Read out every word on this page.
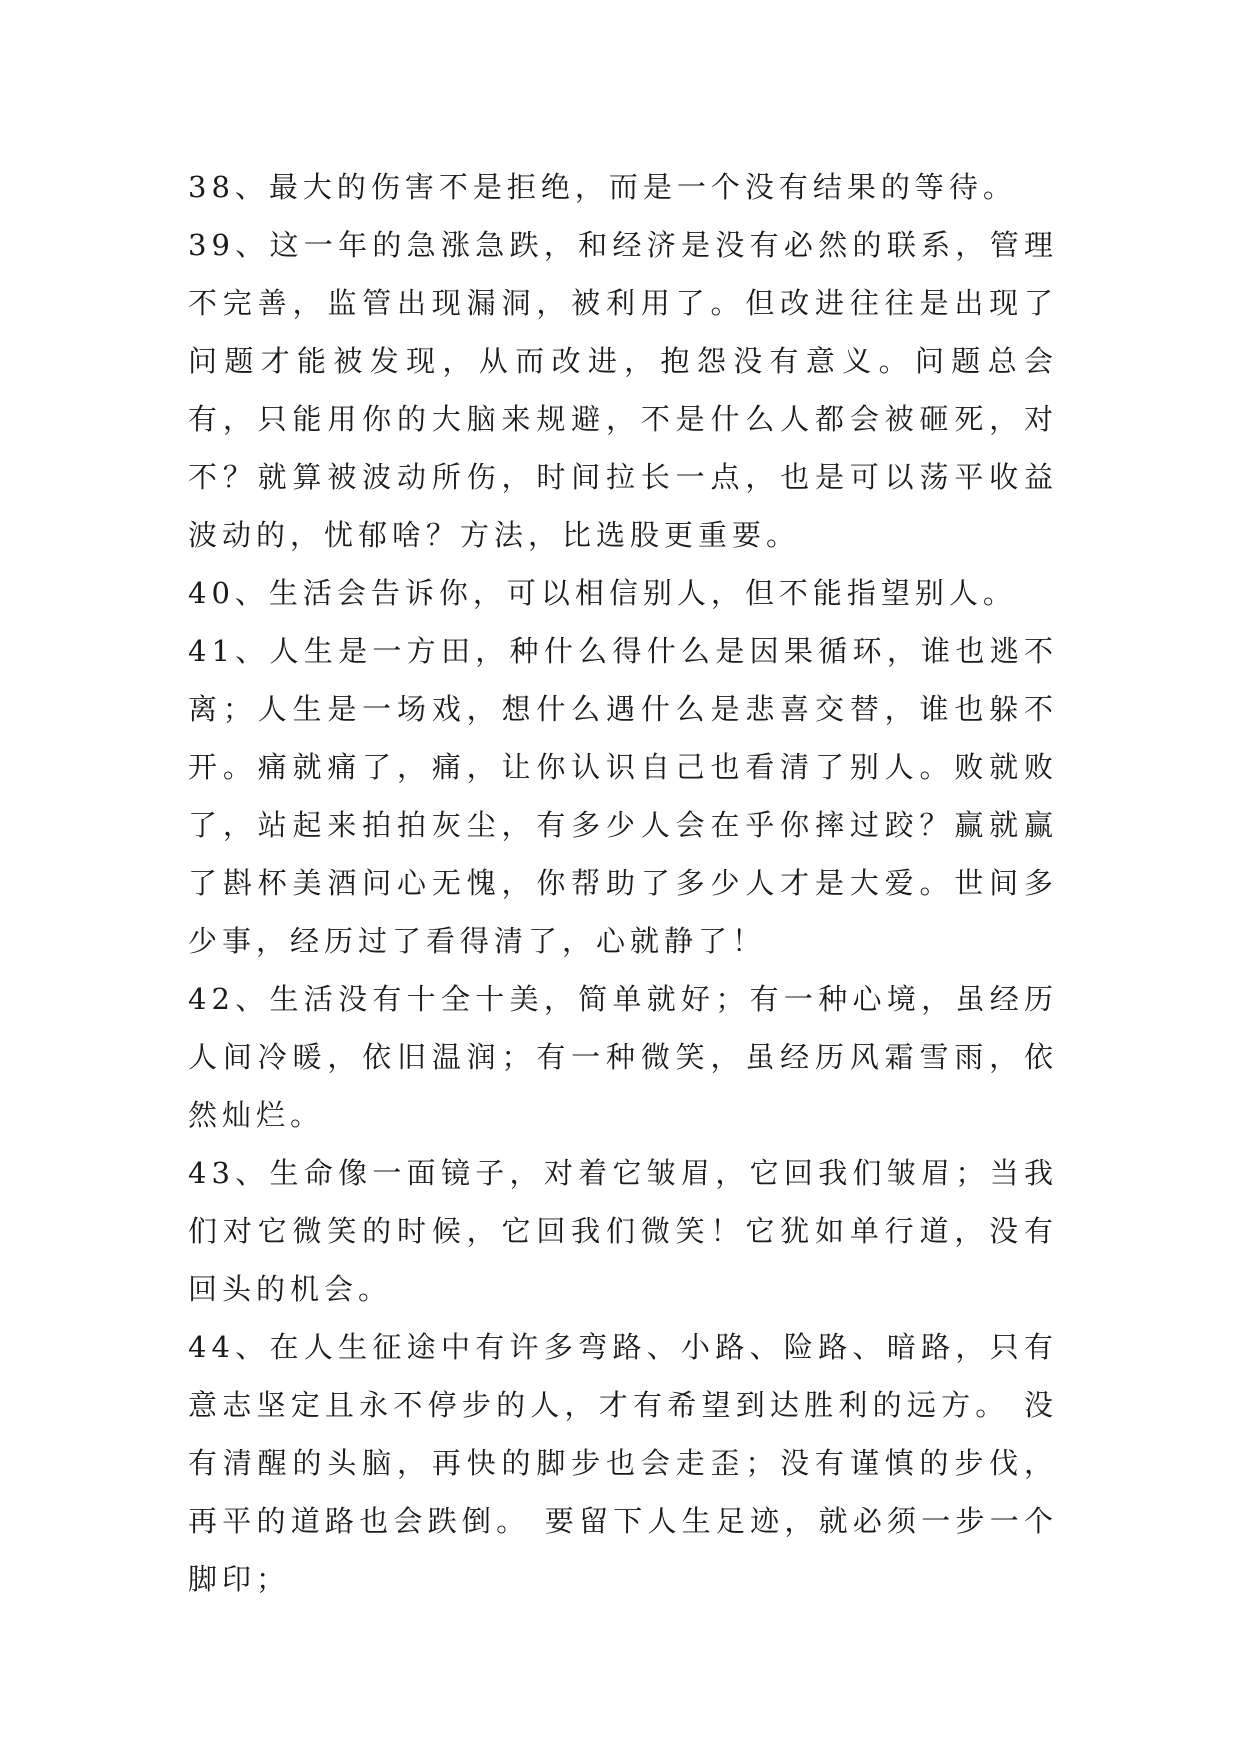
38、最大的伤害不是拒绝，而是一个没有结果的等待。

39、这一年的急涨急跌，和经济是没有必然的联系，管理不完善，监管出现漏洞，被利用了。但改进往往是出现了问题才能被发现，从而改进，抱怨没有意义。问题总会有，只能用你的大脑来规避，不是什么人都会被砸死，对不？就算被波动所伤，时间拉长一点，也是可以荡平收益波动的，忧郁啥？方法，比选股更重要。

40、生活会告诉你，可以相信别人，但不能指望别人。

41、人生是一方田，种什么得什么是因果循环，谁也逃不离；人生是一场戏，想什么遇什么是悲喜交替，谁也躲不开。痛就痛了，痛，让你认识自己也看清了别人。败就败了，站起来拍拍灰尘，有多少人会在乎你摔过跤？赢就赢了斟杯美酒问心无愧，你帮助了多少人才是大爱。世间多少事，经历过了看得清了，心就静了！

42、生活没有十全十美，简单就好；有一种心境，虽经历人间冷暖，依旧温润；有一种微笑，虽经历风霜雪雨，依然灿烂。

43、生命像一面镜子，对着它皱眉，它回我们皱眉；当我们对它微笑的时候，它回我们微笑！它犹如单行道，没有回头的机会。

44、在人生征途中有许多弯路、小路、险路、暗路，只有意志坚定且永不停步的人，才有希望到达胜利的远方。 没有清醒的头脑，再快的脚步也会走歪；没有谨慎的步伐，再平的道路也会跌倒。 要留下人生足迹，就必须一步一个脚印；
